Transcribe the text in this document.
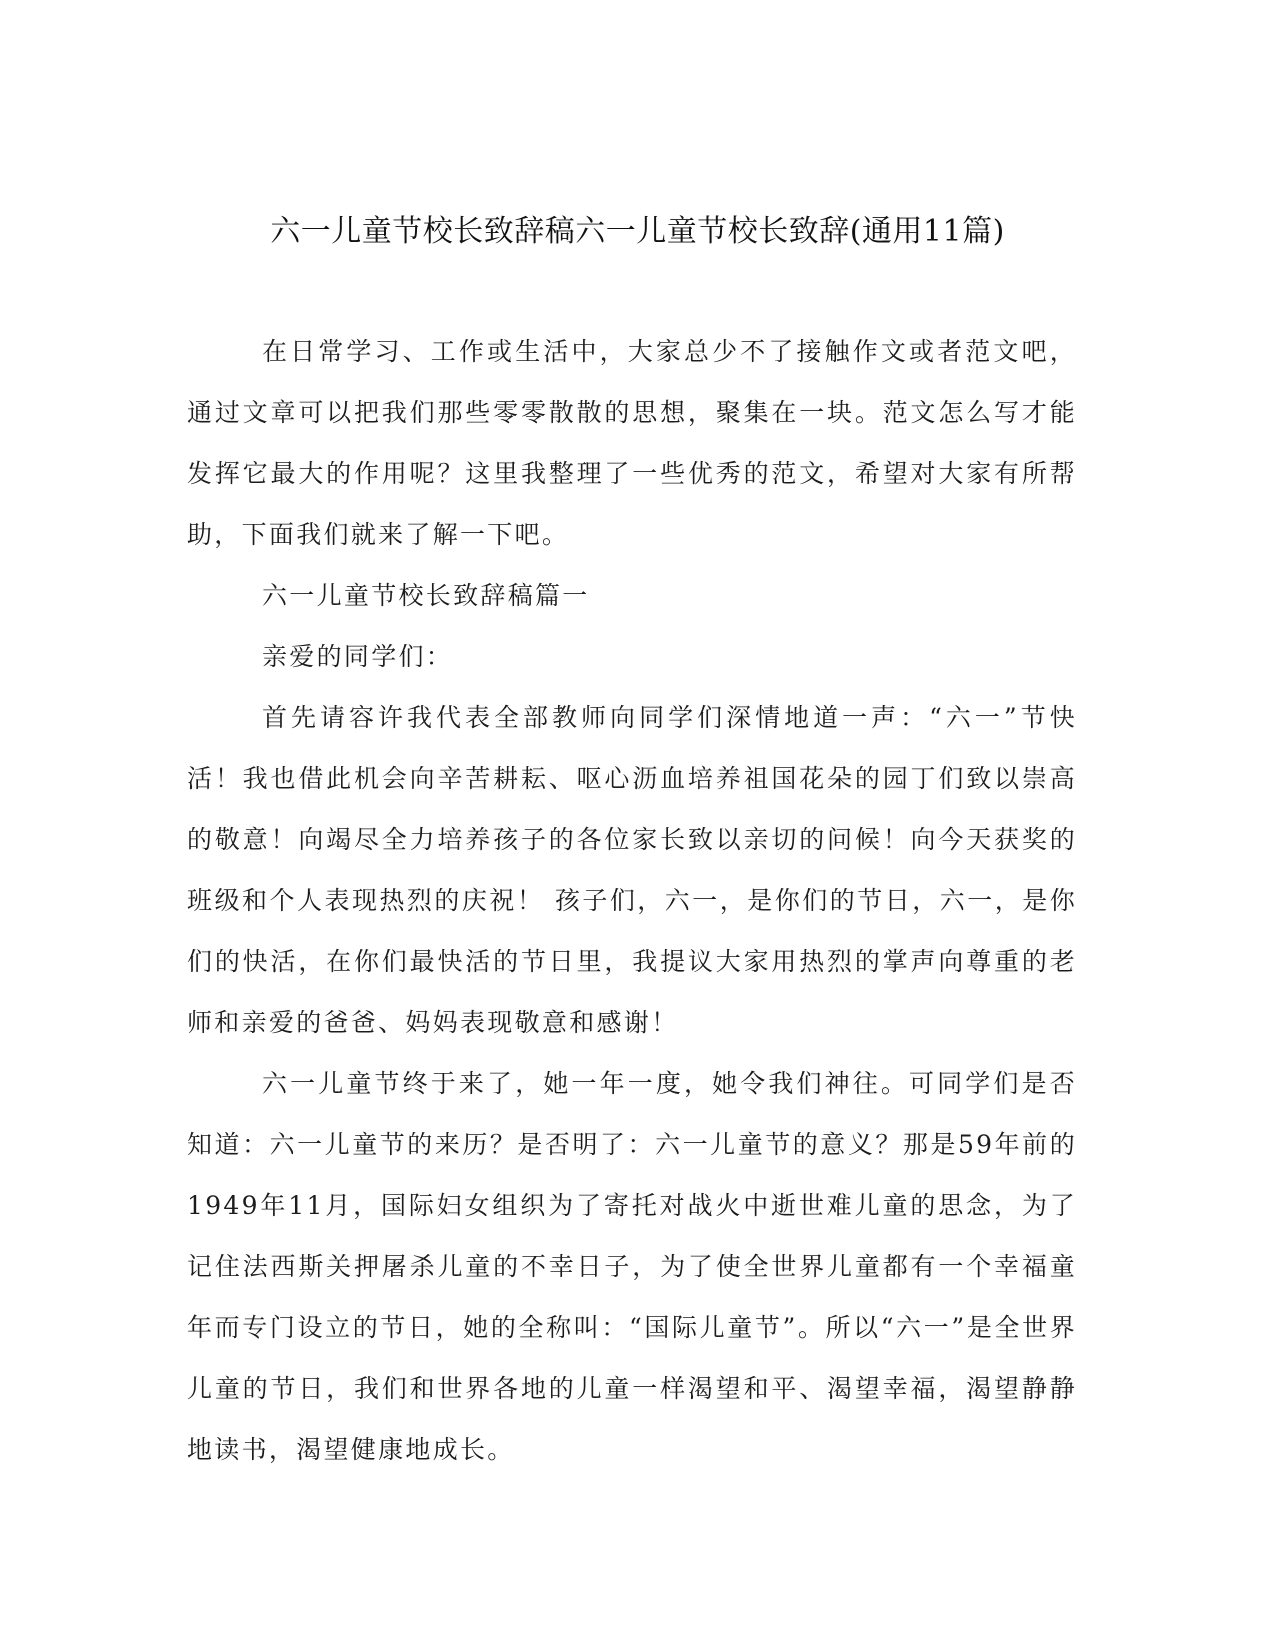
六一儿童节校长致辞稿六一儿童节校长致辞(通用11篇)

在日常学习、工作或生活中，大家总少不了接触作文或者范文吧，通过文章可以把我们那些零零散散的思想，聚集在一块。范文怎么写才能发挥它最大的作用呢？这里我整理了一些优秀的范文，希望对大家有所帮助，下面我们就来了解一下吧。

六一儿童节校长致辞稿篇一

亲爱的同学们：

首先请容许我代表全部教师向同学们深情地道一声：“六一”节快活！我也借此机会向辛苦耕耘、呕心沥血培养祖国花朵的园丁们致以崇高的敬意！向竭尽全力培养孩子的各位家长致以亲切的问候！向今天获奖的班级和个人表现热烈的庆祝！ 孩子们，六一，是你们的节日，六一，是你们的快活，在你们最快活的节日里，我提议大家用热烈的掌声向尊重的老师和亲爱的爸爸、妈妈表现敬意和感谢！

六一儿童节终于来了，她一年一度，她令我们神往。可同学们是否知道：六一儿童节的来历？是否明了：六一儿童节的意义？那是59年前的1949年11月，国际妇女组织为了寄托对战火中逝世难儿童的思念，为了记住法西斯关押屠杀儿童的不幸日子，为了使全世界儿童都有一个幸福童年而专门设立的节日，她的全称叫：“国际儿童节”。所以“六一”是全世界儿童的节日，我们和世界各地的儿童一样渴望和平、渴望幸福，渴望静静地读书，渴望健康地成长。
